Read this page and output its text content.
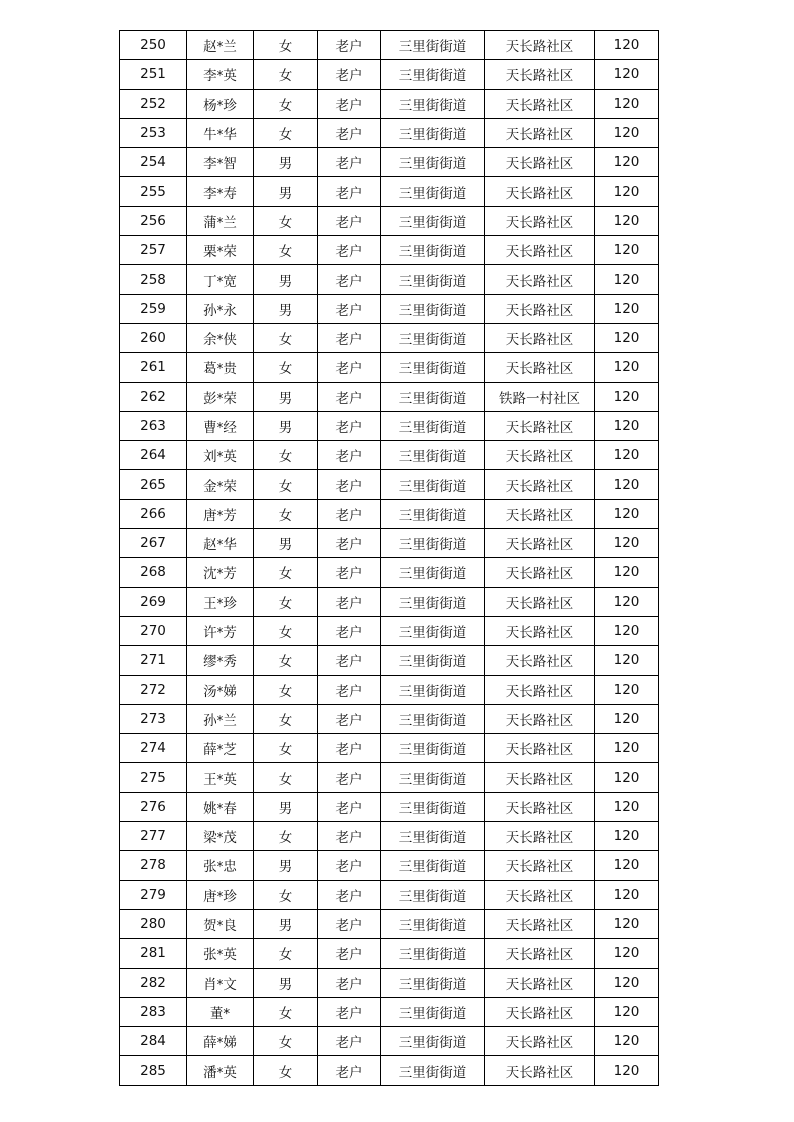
250	赵*兰	女	老户	三里街街道	天长路社区	120
251	李*英	女	老户	三里街街道	天长路社区	120
252	杨*珍	女	老户	三里街街道	天长路社区	120
253	牛*华	女	老户	三里街街道	天长路社区	120
254	李*智	男	老户	三里街街道	天长路社区	120
255	李*寿	男	老户	三里街街道	天长路社区	120
256	蒲*兰	女	老户	三里街街道	天长路社区	120
257	栗*荣	女	老户	三里街街道	天长路社区	120
258	丁*宽	男	老户	三里街街道	天长路社区	120
259	孙*永	男	老户	三里街街道	天长路社区	120
260	余*侠	女	老户	三里街街道	天长路社区	120
261	葛*贵	女	老户	三里街街道	天长路社区	120
262	彭*荣	男	老户	三里街街道	铁路一村社区	120
263	曹*经	男	老户	三里街街道	天长路社区	120
264	刘*英	女	老户	三里街街道	天长路社区	120
265	金*荣	女	老户	三里街街道	天长路社区	120
266	唐*芳	女	老户	三里街街道	天长路社区	120
267	赵*华	男	老户	三里街街道	天长路社区	120
268	沈*芳	女	老户	三里街街道	天长路社区	120
269	王*珍	女	老户	三里街街道	天长路社区	120
270	许*芳	女	老户	三里街街道	天长路社区	120
271	缪*秀	女	老户	三里街街道	天长路社区	120
272	汤*娣	女	老户	三里街街道	天长路社区	120
273	孙*兰	女	老户	三里街街道	天长路社区	120
274	薛*芝	女	老户	三里街街道	天长路社区	120
275	王*英	女	老户	三里街街道	天长路社区	120
276	姚*春	男	老户	三里街街道	天长路社区	120
277	梁*茂	女	老户	三里街街道	天长路社区	120
278	张*忠	男	老户	三里街街道	天长路社区	120
279	唐*珍	女	老户	三里街街道	天长路社区	120
280	贺*良	男	老户	三里街街道	天长路社区	120
281	张*英	女	老户	三里街街道	天长路社区	120
282	肖*文	男	老户	三里街街道	天长路社区	120
283	董*	女	老户	三里街街道	天长路社区	120
284	薛*娣	女	老户	三里街街道	天长路社区	120
285	潘*英	女	老户	三里街街道	天长路社区	120
